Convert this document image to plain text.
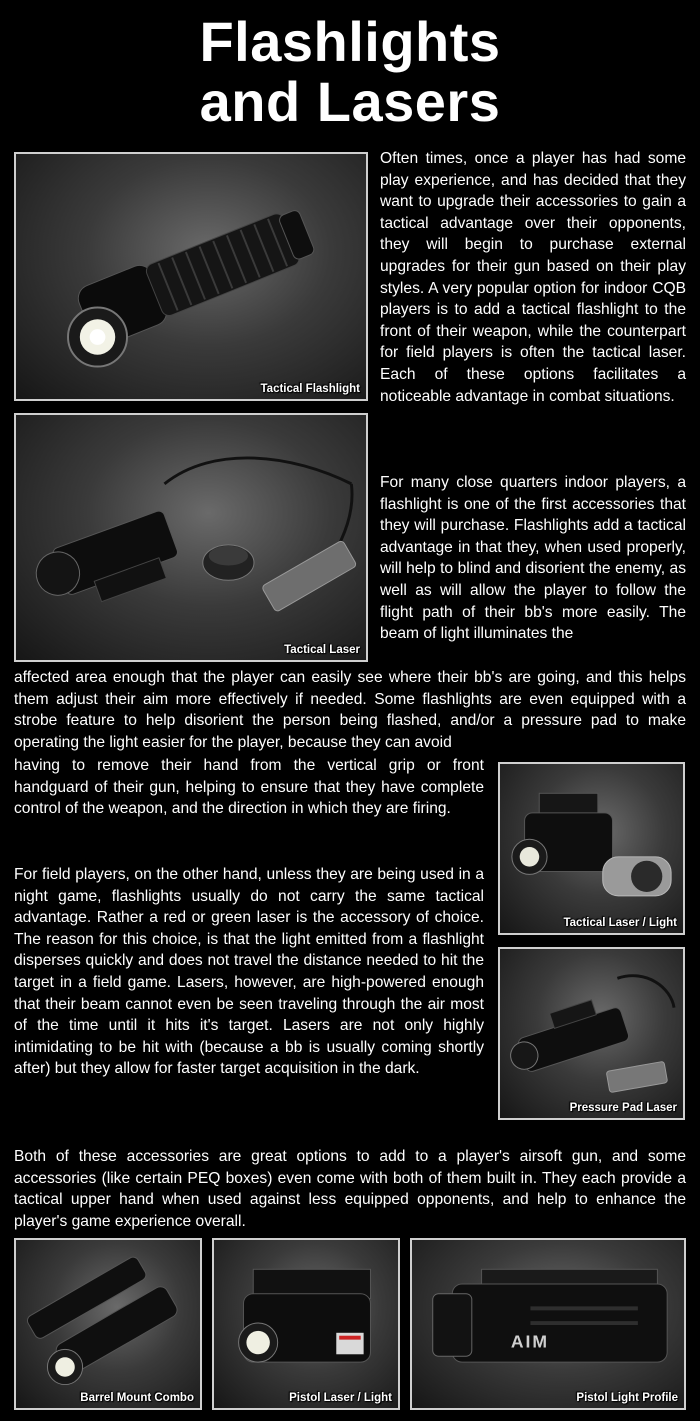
Flashlights
and Lasers
Tactical Flashlight
Tactical Laser

Often times, once a player has had some play experience, and has decided that they want to upgrade their accessories to gain a tactical advantage over their opponents, they will begin to purchase external upgrades for their gun based on their play styles. A very popular option for indoor CQB players is to add a tactical flashlight to the front of their weapon, while the counterpart for field players is often the tactical laser. Each of these options facilitates a noticeable advantage in combat situations.

For many close quarters indoor players, a flashlight is one of the first accessories that they will purchase. Flashlights add a tactical advantage in that they, when used properly, will help to blind and disorient the enemy, as well as will allow the player to follow the flight path of their bb's more easily. The beam of light illuminates the

affected area enough that the player can easily see where their bb's are going, and this helps them adjust their aim more effectively if needed. Some flashlights are even equipped with a strobe feature to help disorient the person being flashed, and/or a pressure pad to make operating the light easier for the player, because they can avoid

having to remove their hand from the vertical grip or front handguard of their gun, helping to ensure that they have complete control of the weapon, and the direction in which they are firing.

For field players, on the other hand, unless they are being used in a night game, flashlights usually do not carry the same tactical advantage. Rather a red or green laser is the accessory of choice. The reason for this choice, is that the light emitted from a flashlight disperses quickly and does not travel the distance needed to hit the target in a field game. Lasers, however, are high-powered enough that their beam cannot even be seen traveling through the air most of the time until it hits it's target. Lasers are not only highly intimidating to be hit with (because a bb is usually coming shortly after) but they allow for faster target acquisition in the dark.

Tactical Laser / Light
Pressure Pad Laser

Both of these accessories are great options to add to a player's airsoft gun, and some accessories (like certain PEQ boxes) even come with both of them built in. They each provide a tactical upper hand when used against less equipped opponents, and help to enhance the player's game experience overall.

Barrel Mount Combo	Pistol Laser / Light
AIM
Pistol Light Profile
